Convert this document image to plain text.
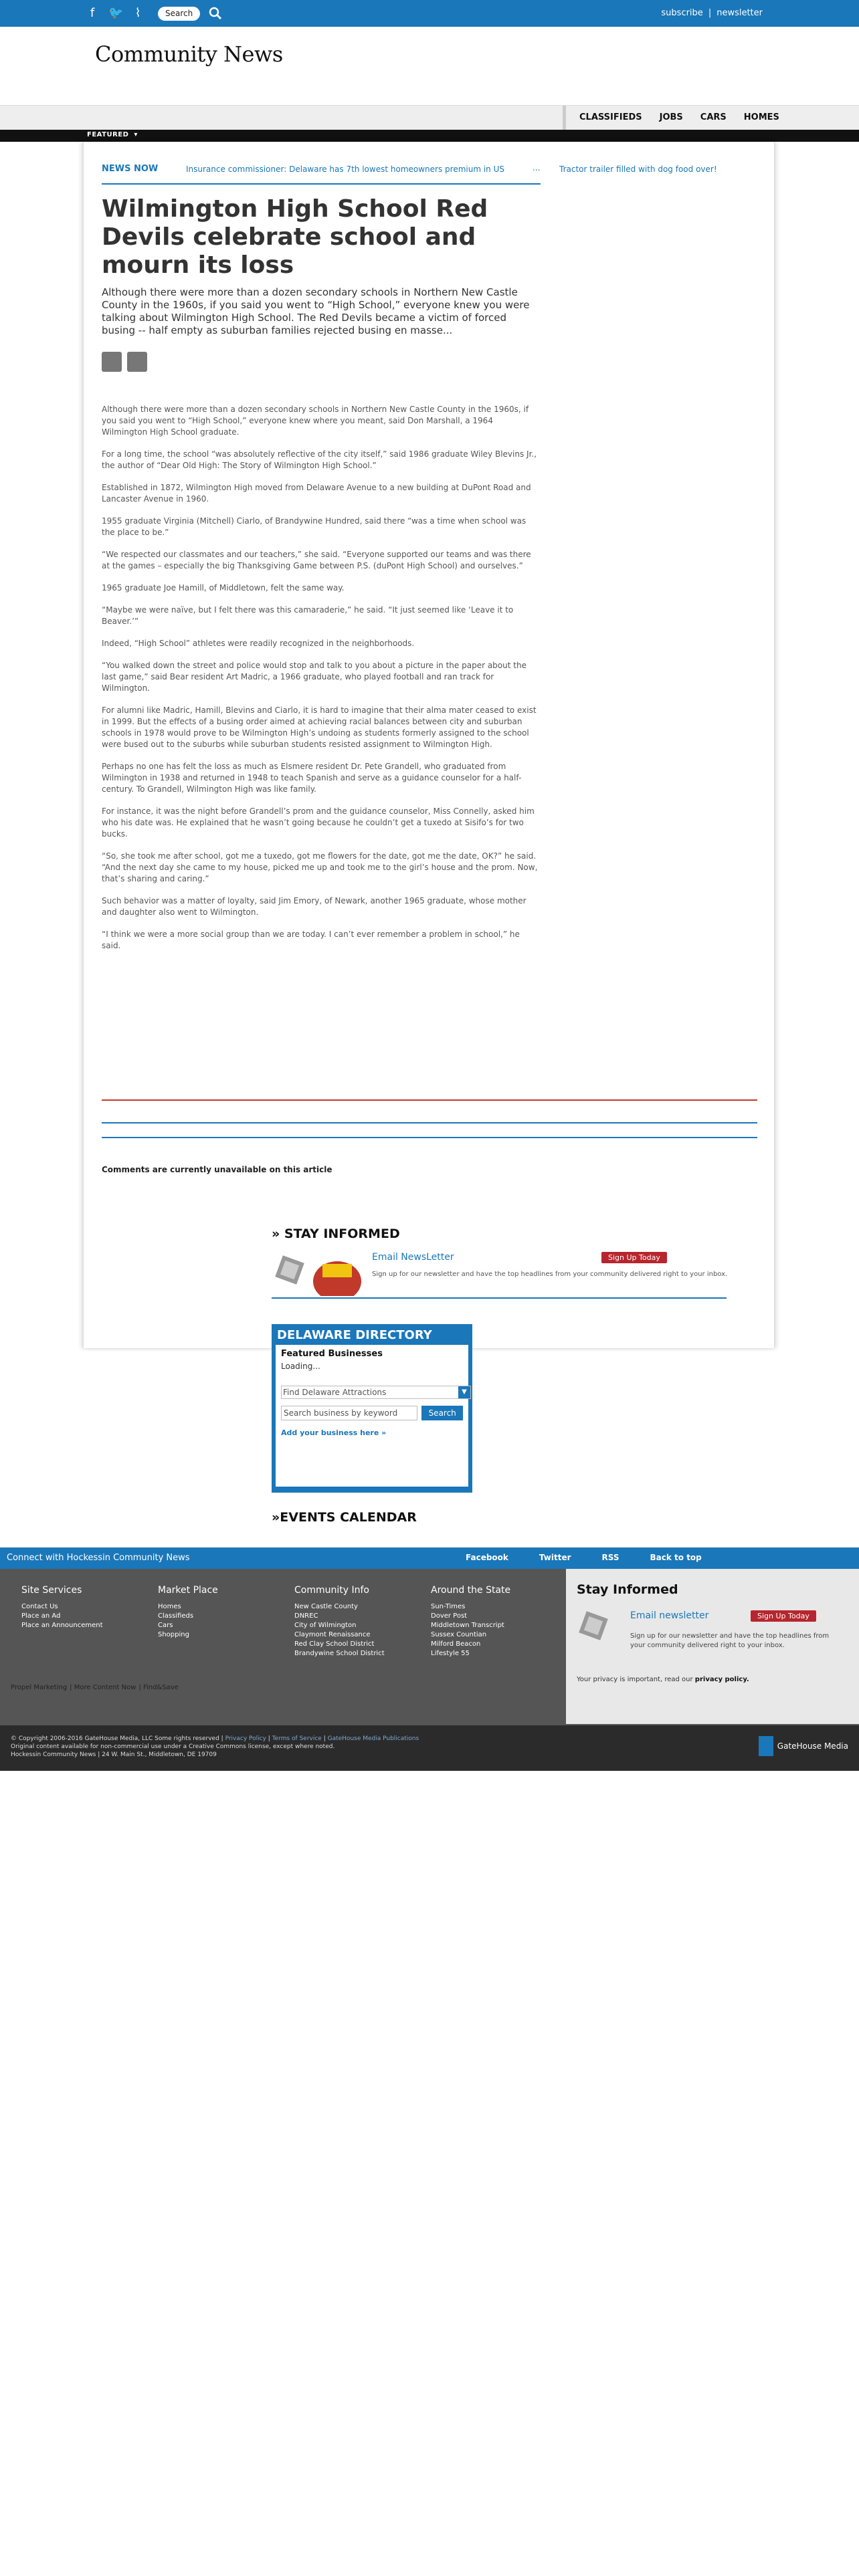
f	🐦 ⌇	Search	subscribe | newsletter
Community News
CLASSIFIEDS JOBS CARS HOMES
FEATURED ▾
NEWS NOW	Insurance commissioner: Delaware has 7th lowest homeowners premium in US	... Tractor trailer filled with dog food over!
Wilmington High School Red Devils celebrate school and mourn its loss
Although there were more than a dozen secondary schools in Northern New Castle County in the 1960s, if you said you went to “High School,” everyone knew you were talking about Wilmington High School. The Red Devils became a victim of forced busing -- half empty as suburban families rejected busing en masse...

Although there were more than a dozen secondary schools in Northern New Castle County in the 1960s, if you said you went to “High School,” everyone knew where you meant, said Don Marshall, a 1964 Wilmington High School graduate.

For a long time, the school “was absolutely reflective of the city itself,” said 1986 graduate Wiley Blevins Jr., the author of “Dear Old High: The Story of Wilmington High School.”

Established in 1872, Wilmington High moved from Delaware Avenue to a new building at DuPont Road and Lancaster Avenue in 1960.

1955 graduate Virginia (Mitchell) Ciarlo, of Brandywine Hundred, said there “was a time when school was the place to be.”

“We respected our classmates and our teachers,” she said. “Everyone supported our teams and was there at the games – especially the big Thanksgiving Game between P.S. (duPont High School) and ourselves.”

1965 graduate Joe Hamill, of Middletown, felt the same way.

“Maybe we were naïve, but I felt there was this camaraderie,” he said. “It just seemed like ‘Leave it to Beaver.’”

Indeed, “High School” athletes were readily recognized in the neighborhoods.

“You walked down the street and police would stop and talk to you about a picture in the paper about the last game,” said Bear resident Art Madric, a 1966 graduate, who played football and ran track for Wilmington.

For alumni like Madric, Hamill, Blevins and Ciarlo, it is hard to imagine that their alma mater ceased to exist in 1999. But the effects of a busing order aimed at achieving racial balances between city and suburban schools in 1978 would prove to be Wilmington High’s undoing as students formerly assigned to the school were bused out to the suburbs while suburban students resisted assignment to Wilmington High.

Perhaps no one has felt the loss as much as Elsmere resident Dr. Pete Grandell, who graduated from Wilmington in 1938 and returned in 1948 to teach Spanish and serve as a guidance counselor for a half-century. To Grandell, Wilmington High was like family.

For instance, it was the night before Grandell’s prom and the guidance counselor, Miss Connelly, asked him who his date was. He explained that he wasn’t going because he couldn’t get a tuxedo at Sisifo’s for two bucks.

“So, she took me after school, got me a tuxedo, got me flowers for the date, got me the date, OK?” he said. “And the next day she came to my house, picked me up and took me to the girl’s house and the prom. Now, that’s sharing and caring.”

Such behavior was a matter of loyalty, said Jim Emory, of Newark, another 1965 graduate, whose mother and daughter also went to Wilmington.

“I think we were a more social group than we are today. I can’t ever remember a problem in school,” he said.

Comments are currently unavailable on this article
» STAY INFORMED
Email NewsLetter	Sign Up Today
Sign up for our newsletter and have the top headlines from your community delivered right to your inbox.
DELAWARE DIRECTORY
Featured Businesses
Loading...
Find Delaware Attractions	▼
Search business by keyword	Search
Add your business here »
»EVENTS CALENDAR
Connect with Hockessin Community News	Facebook	Twitter	RSS	Back to top
Site Services
Contact Us
Place an Ad
Place an Announcement
Market Place
Homes
Classifieds
Cars
Shopping
Community Info
New Castle County
DNREC
City of Wilmington
Claymont Renaissance
Red Clay School District
Brandywine School District
Around the State
Sun-Times
Dover Post
Middletown Transcript
Sussex Countian
Milford Beacon
Lifestyle 55
Stay Informed
Email newsletter	Sign Up Today
Sign up for our newsletter and have the top headlines from your community delivered right to your inbox.
Your privacy is important, read our privacy policy.
Propel Marketing | More Content Now | Find&Save
© Copyright 2006-2016 GateHouse Media, LLC Some rights reserved | Privacy Policy | Terms of Service | GateHouse Media Publications
Original content available for non-commercial use under a Creative Commons license, except where noted.
Hockessin Community News | 24 W. Main St., Middletown, DE 19709
GateHouse Media
